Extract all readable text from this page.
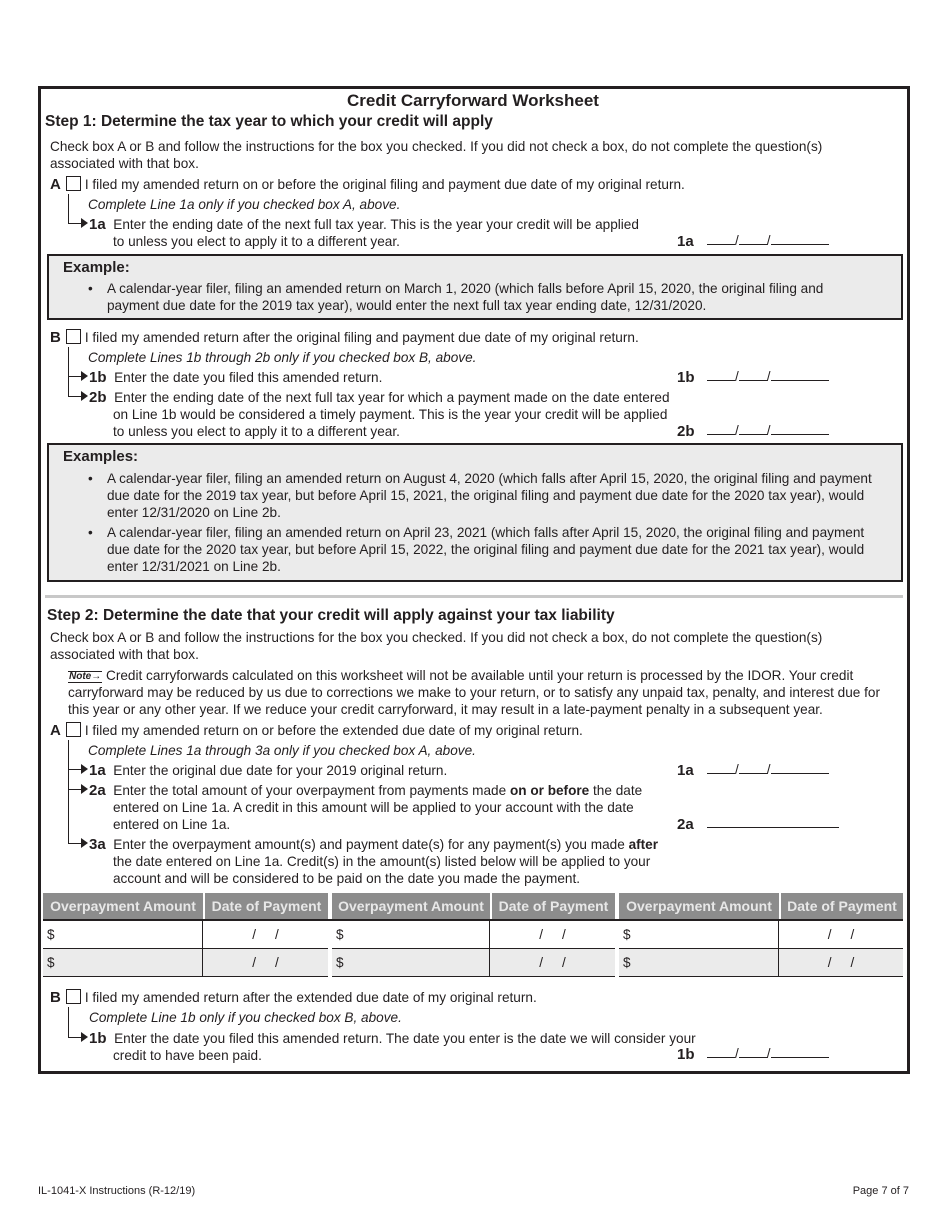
Credit Carryforward Worksheet
Step 1: Determine the tax year to which your credit will apply
Check box A or B and follow the instructions for the box you checked. If you did not check a box, do not complete the question(s)
associated with that box.
A I filed my amended return on or before the original filing and payment due date of my original return.
Complete Line 1a only if you checked box A, above.
1a Enter the ending date of the next full tax year. This is the year your credit will be applied
to unless you elect to apply it to a different year.	1a	/ /
Example:
• A calendar-year filer, filing an amended return on March 1, 2020 (which falls before April 15, 2020, the original filing and
payment due date for the 2019 tax year), would enter the next full tax year ending date, 12/31/2020.
B I filed my amended return after the original filing and payment due date of my original return.
Complete Lines 1b through 2b only if you checked box B, above.
1b Enter the date you filed this amended return.	1b	/ /
2b Enter the ending date of the next full tax year for which a payment made on the date entered
on Line 1b would be considered a timely payment. This is the year your credit will be applied
to unless you elect to apply it to a different year.	2b	/ /
Examples:
• A calendar-year filer, filing an amended return on August 4, 2020 (which falls after April 15, 2020, the original filing and payment
due date for the 2019 tax year, but before April 15, 2021, the original filing and payment due date for the 2020 tax year), would
enter 12/31/2020 on Line 2b.
• A calendar-year filer, filing an amended return on April 23, 2021 (which falls after April 15, 2020, the original filing and payment
due date for the 2020 tax year, but before April 15, 2022, the original filing and payment due date for the 2021 tax year), would
enter 12/31/2021 on Line 2b.
Step 2: Determine the date that your credit will apply against your tax liability
Check box A or B and follow the instructions for the box you checked. If you did not check a box, do not complete the question(s)
associated with that box.
Note→ Credit carryforwards calculated on this worksheet will not be available until your return is processed by the IDOR. Your credit
carryforward may be reduced by us due to corrections we make to your return, or to satisfy any unpaid tax, penalty, and interest due for
this year or any other year. If we reduce your credit carryforward, it may result in a late-payment penalty in a subsequent year.
A I filed my amended return on or before the extended due date of my original return.
Complete Lines 1a through 3a only if you checked box A, above.
1a Enter the original due date for your 2019 original return.	1a	/ /
2a Enter the total amount of your overpayment from payments made on or before the date
entered on Line 1a. A credit in this amount will be applied to your account with the date
entered on Line 1a.	2a
3a Enter the overpayment amount(s) and payment date(s) for any payment(s) you made after
the date entered on Line 1a. Credit(s) in the amount(s) listed below will be applied to your
account and will be considered to be paid on the date you made the payment.
Overpayment Amount	Date of Payment		Overpayment Amount	Date of Payment		Overpayment Amount	Date of Payment
$	/     /		$	/     /		$	/     /
$	/     /		$	/     /		$	/     /
B I filed my amended return after the extended due date of my original return.
Complete Line 1b only if you checked box B, above.
1b Enter the date you filed this amended return. The date you enter is the date we will consider your
credit to have been paid.	1b	/ /
IL-1041-X Instructions (R-12/19)	Page 7 of 7
